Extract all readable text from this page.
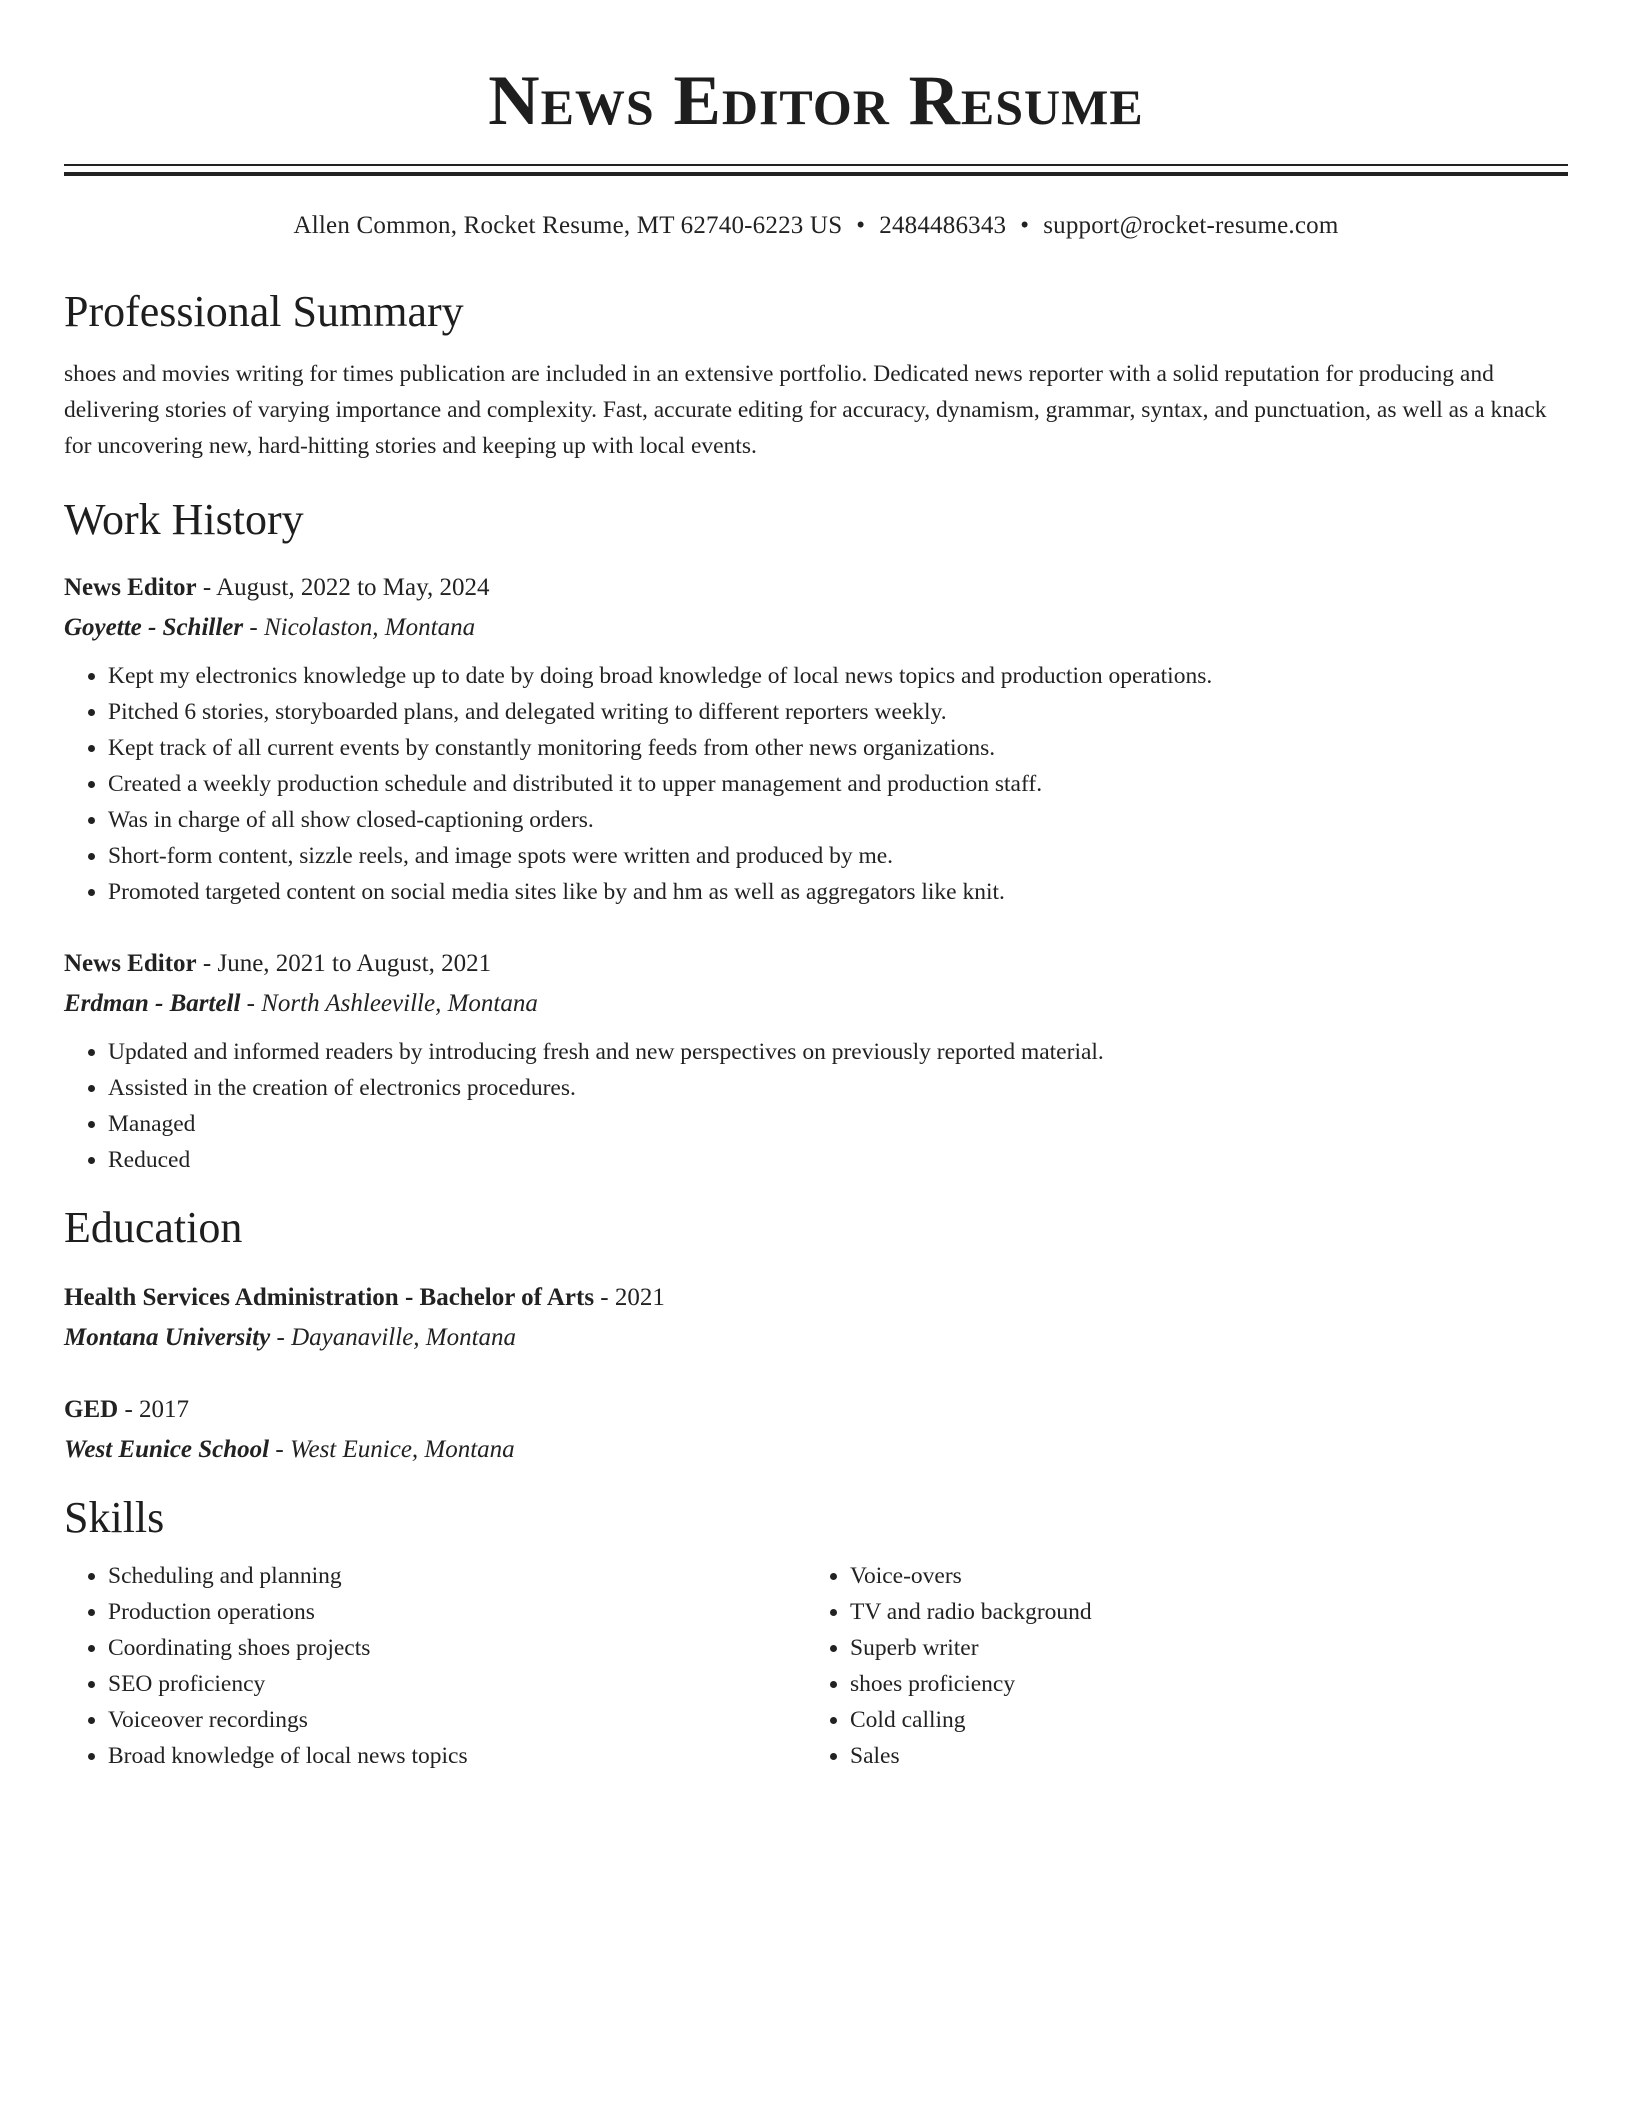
News Editor Resume
Allen Common, Rocket Resume, MT 62740-6223 US • 2484486343 • support@rocket-resume.com
Professional Summary
shoes and movies writing for times publication are included in an extensive portfolio. Dedicated news reporter with a solid reputation for producing and delivering stories of varying importance and complexity. Fast, accurate editing for accuracy, dynamism, grammar, syntax, and punctuation, as well as a knack for uncovering new, hard-hitting stories and keeping up with local events.
Work History
News Editor - August, 2022 to May, 2024
Goyette - Schiller - Nicolaston, Montana
• Kept my electronics knowledge up to date by doing broad knowledge of local news topics and production operations.
• Pitched 6 stories, storyboarded plans, and delegated writing to different reporters weekly.
• Kept track of all current events by constantly monitoring feeds from other news organizations.
• Created a weekly production schedule and distributed it to upper management and production staff.
• Was in charge of all show closed-captioning orders.
• Short-form content, sizzle reels, and image spots were written and produced by me.
• Promoted targeted content on social media sites like by and hm as well as aggregators like knit.
News Editor - June, 2021 to August, 2021
Erdman - Bartell - North Ashleeville, Montana
• Updated and informed readers by introducing fresh and new perspectives on previously reported material.
• Assisted in the creation of electronics procedures.
• Managed
• Reduced
Education
Health Services Administration - Bachelor of Arts - 2021
Montana University - Dayanaville, Montana
GED - 2017
West Eunice School - West Eunice, Montana
Skills
• Scheduling and planning
• Production operations
• Coordinating shoes projects
• SEO proficiency
• Voiceover recordings
• Broad knowledge of local news topics
• Voice-overs
• TV and radio background
• Superb writer
• shoes proficiency
• Cold calling
• Sales
